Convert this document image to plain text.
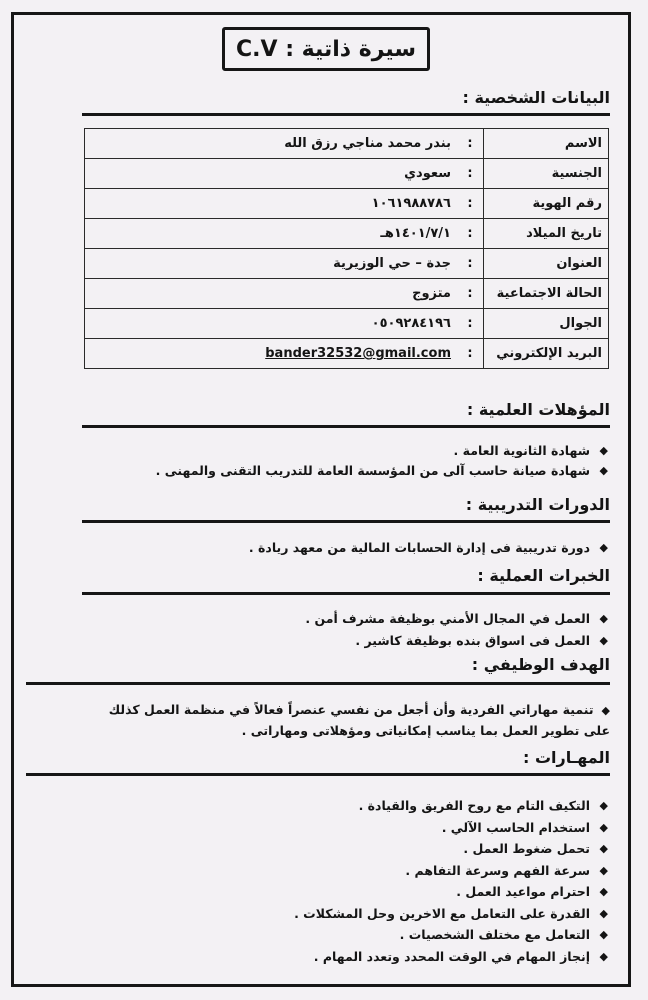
سيرة ذاتية : C.V
البيانات الشخصية :
الاسم	:	بندر محمد مناجي رزق الله
الجنسية	:	سعودي
رقم الهوية	:	١٠٦١٩٨٨٧٨٦
تاريخ الميلاد	:	١٤٠١/٧/١هـ
العنوان	:	جدة – حي الوزيرية
الحالة الاجتماعية	:	متزوج
الجوال	:	٠٥٠٩٢٨٤١٩٦
البريد الإلكتروني	:	bander32532@gmail.com
المؤهلات العلمية :
◆
شهادة الثانوية العامة .
◆
شهادة صيانة حاسب آلى من المؤسسة العامة للتدريب التقنى والمهنى .
الدورات التدريبية :
◆
دورة تدريبية فى إدارة الحسابات المالية من معهد ريادة .
الخبرات العملية :
◆
العمل في المجال الأمني بوظيفة مشرف أمن .
◆
العمل فى اسواق بنده بوظيفة كاشير .
الهدف الوظيفي :
◆تنمية مهاراتي الفردية وأن أجعل من نفسي عنصراً فعالاً في منظمة العمل كذلك
على تطوير العمل بما يناسب إمكانياتى ومؤهلاتى ومهاراتى .
المهـارات :
◆
التكيف التام مع روح الفريق والقيادة .
◆
استخدام الحاسب الآلي .
◆
تحمل ضغوط العمل .
◆
سرعة الفهم وسرعة التفاهم .
◆
احترام مواعيد العمل .
◆
القدرة على التعامل مع الاخرين وحل المشكلات .
◆
التعامل مع مختلف الشخصيات .
◆
إنجاز المهام في الوقت المحدد وتعدد المهام .
